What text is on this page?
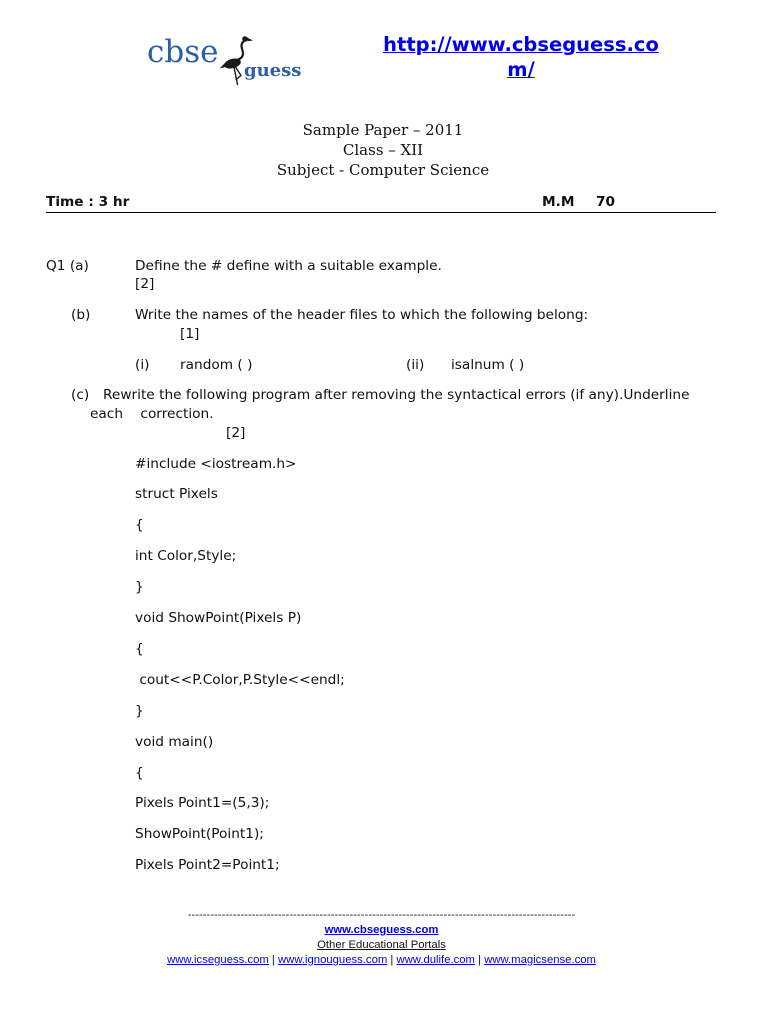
cbse
guess
http://www.cbseguess.com/
Sample Paper – 2011
Class – XII
Subject - Computer Science
Time : 3 hr	M.M 70
Q1 (a)	Define the # define with a suitable example.
[2]
(b)	Write the names of the header files to which the following belong:
[1]
(i) random ( )	(ii) isalnum ( )
(c) Rewrite the following program after removing the syntactical errors (if any).Underline
each    correction.
[2]
#include <iostream.h>
struct Pixels
{
int Color,Style;
}
void ShowPoint(Pixels P)
{
cout<<P.Color,P.Style<<endl;
}
void main()
{
Pixels Point1=(5,3);
ShowPoint(Point1);
Pixels Point2=Point1;
-------------------------------------------------------------------------------------------------------
www.cbseguess.com
Other Educational Portals
www.icseguess.com | www.ignouguess.com | www.dulife.com | www.magicsense.com
